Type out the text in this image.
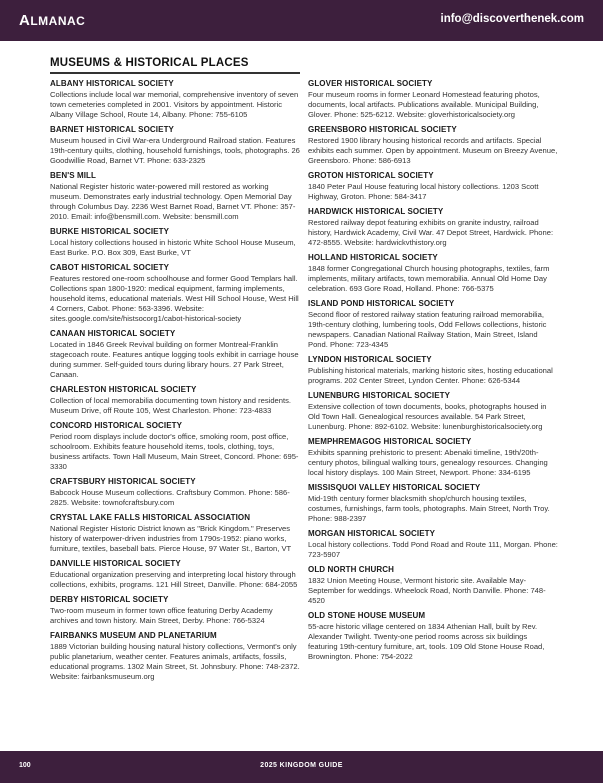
ALMANAC	info@discoverthenek.com
MUSEUMS & HISTORICAL PLACES
ALBANY HISTORICAL SOCIETY
Collections include local war memorial, comprehensive inventory of seven town cemeteries completed in 2001. Visitors by appointment. Historic Albany Village School, Route 14, Albany. Phone: 755-6105
BARNET HISTORICAL SOCIETY
Museum housed in Civil War-era Underground Railroad station. Features 19th-century quilts, clothing, household furnishings, tools, photographs. 26 Goodwillie Road, Barnet VT. Phone: 633-2325
BEN'S MILL
National Register historic water-powered mill restored as working museum. Demonstrates early industrial technology. Open Memorial Day through Columbus Day. 2236 West Barnet Road, Barnet VT. Phone: 357-2010. Email: info@bensmill.com. Website: bensmill.com
BURKE HISTORICAL SOCIETY
Local history collections housed in historic White School House Museum, East Burke. P.O. Box 309, East Burke, VT
CABOT HISTORICAL SOCIETY
Features restored one-room schoolhouse and former Good Templars hall. Collections span 1800-1920: medical equipment, farming implements, household items, educational materials. West Hill School House, West Hill 4 Corners, Cabot. Phone: 563-3396. Website: sites.google.com/site/histsocorg1/cabot-historical-society
CANAAN HISTORICAL SOCIETY
Located in 1846 Greek Revival building on former Montreal-Franklin stagecoach route. Features antique logging tools exhibit in carriage house during summer. Self-guided tours during library hours. 27 Park Street, Canaan.
CHARLESTON HISTORICAL SOCIETY
Collection of local memorabilia documenting town history and residents. Museum Drive, off Route 105, West Charleston. Phone: 723-4833
CONCORD HISTORICAL SOCIETY
Period room displays include doctor's office, smoking room, post office, schoolroom. Exhibits feature household items, tools, clothing, toys, business artifacts. Town Hall Museum, Main Street, Concord. Phone: 695-3330
CRAFTSBURY HISTORICAL SOCIETY
Babcock House Museum collections. Craftsbury Common. Phone: 586-2825. Website: townofcraftsbury.com
CRYSTAL LAKE FALLS HISTORICAL ASSOCIATION
National Register Historic District known as "Brick Kingdom." Preserves history of waterpower-driven industries from 1790s-1952: piano works, furniture, textiles, baseball bats. Pierce House, 97 Water St., Barton, VT
DANVILLE HISTORICAL SOCIETY
Educational organization preserving and interpreting local history through collections, exhibits, programs. 121 Hill Street, Danville. Phone: 684-2055
DERBY HISTORICAL SOCIETY
Two-room museum in former town office featuring Derby Academy archives and town history. Main Street, Derby. Phone: 766-5324
FAIRBANKS MUSEUM AND PLANETARIUM
1889 Victorian building housing natural history collections, Vermont's only public planetarium, weather center. Features animals, artifacts, fossils, educational programs. 1302 Main Street, St. Johnsbury. Phone: 748-2372. Website: fairbanksmuseum.org
GLOVER HISTORICAL SOCIETY
Four museum rooms in former Leonard Homestead featuring photos, documents, local artifacts. Publications available. Municipal Building, Glover. Phone: 525-6212. Website: gloverhistoricalsociety.org
GREENSBORO HISTORICAL SOCIETY
Restored 1900 library housing historical records and artifacts. Special exhibits each summer. Open by appointment. Museum on Breezy Avenue, Greensboro. Phone: 586-6913
GROTON HISTORICAL SOCIETY
1840 Peter Paul House featuring local history collections. 1203 Scott Highway, Groton. Phone: 584-3417
HARDWICK HISTORICAL SOCIETY
Restored railway depot featuring exhibits on granite industry, railroad history, Hardwick Academy, Civil War. 47 Depot Street, Hardwick. Phone: 472-8555. Website: hardwickvthistory.org
HOLLAND HISTORICAL SOCIETY
1848 former Congregational Church housing photographs, textiles, farm implements, military artifacts, town memorabilia. Annual Old Home Day celebration. 693 Gore Road, Holland. Phone: 766-5375
ISLAND POND HISTORICAL SOCIETY
Second floor of restored railway station featuring railroad memorabilia, 19th-century clothing, lumbering tools, Odd Fellows collections, historic newspapers. Canadian National Railway Station, Main Street, Island Pond. Phone: 723-4345
LYNDON HISTORICAL SOCIETY
Publishing historical materials, marking historic sites, hosting educational programs. 202 Center Street, Lyndon Center. Phone: 626-5344
LUNENBURG HISTORICAL SOCIETY
Extensive collection of town documents, books, photographs housed in Old Town Hall. Genealogical resources available. 54 Park Street, Lunenburg. Phone: 892-6102. Website: lunenburghistoricalsociety.org
MEMPHREMAGOG HISTORICAL SOCIETY
Exhibits spanning prehistoric to present: Abenaki timeline, 19th/20th-century photos, bilingual walking tours, genealogy resources. Changing local history displays. 100 Main Street, Newport. Phone: 334-6195
MISSISQUOI VALLEY HISTORICAL SOCIETY
Mid-19th century former blacksmith shop/church housing textiles, costumes, furnishings, farm tools, photographs. Main Street, North Troy. Phone: 988-2397
MORGAN HISTORICAL SOCIETY
Local history collections. Todd Pond Road and Route 111, Morgan. Phone: 723-5907
OLD NORTH CHURCH
1832 Union Meeting House, Vermont historic site. Available May-September for weddings. Wheelock Road, North Danville. Phone: 748-4520
OLD STONE HOUSE MUSEUM
55-acre historic village centered on 1834 Athenian Hall, built by Rev. Alexander Twilight. Twenty-one period rooms across six buildings featuring 19th-century furniture, art, tools. 109 Old Stone House Road, Brownington. Phone: 754-2022
100	2025 KINGDOM GUIDE
